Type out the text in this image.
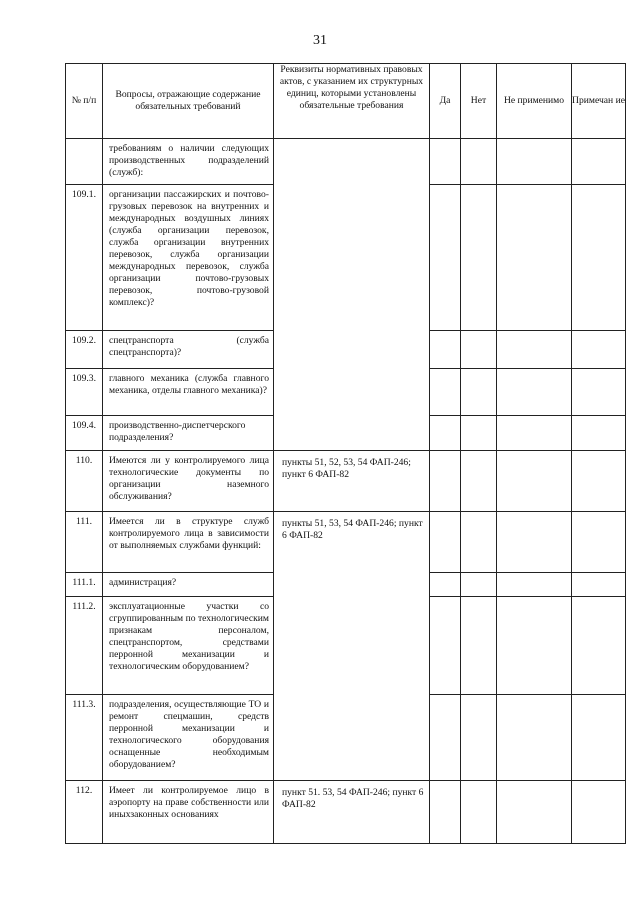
31
№ п/п	Вопросы, отражающие содержание обязательных требований	Реквизиты нормативных правовых актов, с указанием их структурных единиц, которыми установлены обязательные требования	Да	Нет	Не применимо	Примечан ие
	требованиям о наличии следующих производственных подразделений (служб):					
109.1.	организации пассажирских и почтово-грузовых перевозок на внутренних и международных воздушных линиях (служба организации перевозок, служба организации внутренних перевозок, служба организации международных перевозок, служба организации почтово-грузовых перевозок, почтово-грузовой комплекс)?					
109.2.	спецтранспорта (служба спецтранспорта)?					
109.3.	главного механика (служба главного механика, отделы главного механика)?					
109.4.	производственно-диспетчерского подразделения?					
110.	Имеются ли у контролируемого лица технологические документы по организации наземного обслуживания?	пункты 51, 52, 53, 54 ФАП-246; пункт 6 ФАП-82				
111.	Имеется ли в структуре служб контролируемого лица в зависимости от выполняемых службами функций:	пункты 51, 53, 54 ФАП-246; пункт 6 ФАП-82				
111.1.	администрация?					
111.2.	эксплуатационные участки со сгруппированным по технологическим признакам персоналом, спецтранспортом, средствами перронной механизации и технологическим оборудованием?					
111.3.	подразделения, осуществляющие ТО и ремонт спецмашин, средств перронной механизации и технологического оборудования оснащенные необходимым оборудованием?					
112.	Имеет ли контролируемое лицо в аэропорту на праве собственности или иныхзаконных основаниях	пункт 51. 53, 54 ФАП-246; пункт 6 ФАП-82				
